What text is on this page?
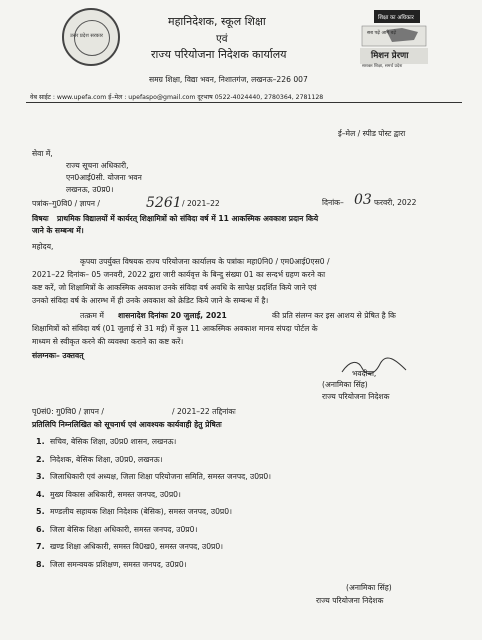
उत्तर प्रदेश सरकार
शिक्षा का अधिकार
सब पढ़ें आगे बढ़ें
मिशन प्रेरणा
सशक्त शिक्षा, समर्थ प्रदेश
महानिदेशक, स्कूल शिक्षा
एवं
राज्य परियोजना निदेशक कार्यालय
समग्र शिक्षा, विद्या भवन, निशातगंज, लखनऊ–226 007
वेब साईट : www.upefa.com ई–मेल : upefaspo@gmail.com दूरभाष 0522-4024440, 2780364, 2781128
ई–मेल / स्पीड पोस्ट द्वारा
सेवा में,
राज्य सूचना अधिकारी,
एन0आई0सी. योजना भवन
लखनऊ, उ0प्र0।
पत्रांक–गु0वि0 / ज्ञापन /	5261 / 2021–22	दिनांक– 03 फरवरी, 2022
विषयः प्राथमिक विद्यालयों में कार्यरत् शिक्षामित्रों को संविदा वर्ष में 11 आकस्मिक अवकाश प्रदान किये
जाने के सम्बन्ध में।
महोदय,
कृपया उपर्युक्त विषयक राज्य परियोजना कार्यालय के पत्रांकः महा0नि0 / एम0आई0एस0 /
2021–22 दिनांक– 05 जनवरी, 2022 द्वारा जारी कार्यवृत्त के बिन्दु संख्या 01 का सन्दर्भ ग्रहण करने का
कष्ट करें, जो शिक्षामित्रों के आकस्मिक अवकाश उनके संविदा वर्ष अवधि के सापेक्ष प्रदर्शित किये जाने एवं
उनको संविदा वर्ष के आरम्भ में ही उनके अवकाश को क्रेडिट किये जाने के सम्बन्ध में है।
तत्क्रम में शासनादेश दिनांकः 20 जुलाई, 2021	की प्रति संलग्न कर इस आशय से प्रेषित है कि
शिक्षामित्रों को संविदा वर्ष (01 जुलाई से 31 मई) में कुल 11 आकस्मिक अवकाश मानव संपदा पोर्टल के
माध्यम से स्वीकृत करने की व्यवस्था कराने का कष्ट करें।
संलग्नकः– उक्तवत्
भवदीया,
(अनामिका सिंह)
राज्य परियोजना निदेशक
पृ0सं0: गु0वि0 / ज्ञापन /	/ 2021–22 तद्दिनांकः
प्रतिलिपि निम्नलिखित को सूचनार्थ एवं आवश्यक कार्यवाही हेतु प्रेषितः
1. सचिव, बेसिक शिक्षा, उ0प्र0 शासन, लखनऊ।
2. निदेशक, बेसिक शिक्षा, उ0प्र0, लखनऊ।
3. जिलाधिकारी एवं अध्यक्ष, जिला शिक्षा परियोजना समिति, समस्त जनपद, उ0प्र0।
4. मुख्य विकास अधिकारी, समस्त जनपद, उ0प्र0।
5. मण्डलीय सहायक शिक्षा निदेशक (बेसिक), समस्त जनपद, उ0प्र0।
6. जिला बेसिक शिक्षा अधिकारी, समस्त जनपद, उ0प्र0।
7. खण्ड शिक्षा अधिकारी, समस्त वि0ख0, समस्त जनपद, उ0प्र0।
8. जिला समन्वयक प्रशिक्षण, समस्त जनपद, उ0प्र0।
(अनामिका सिंह)
राज्य परियोजना निदेशक
